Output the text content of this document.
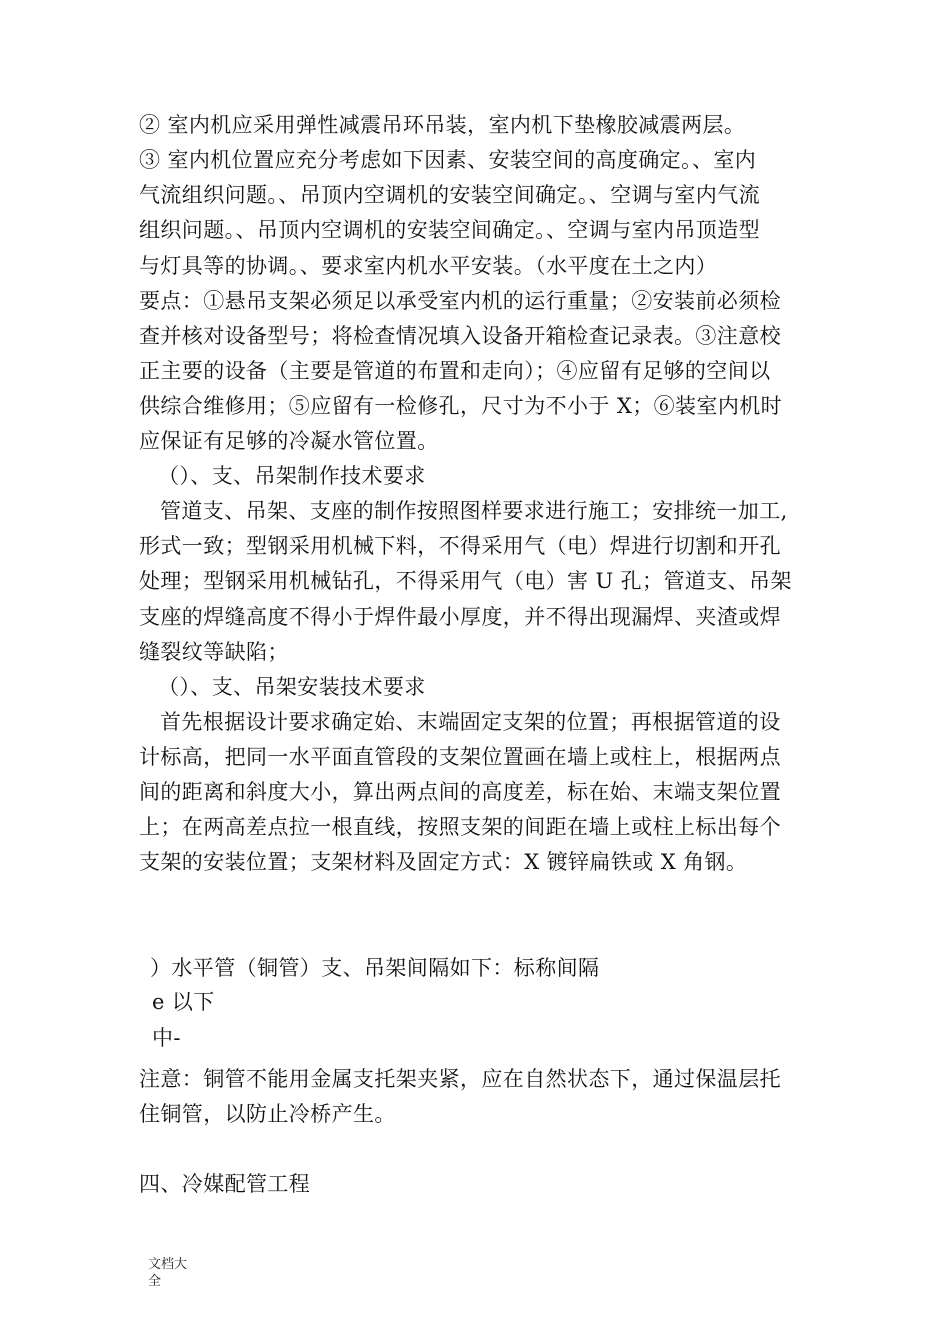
② 室内机应采用弹性减震吊环吊装，室内机下垫橡胶减震两层。
③ 室内机位置应充分考虑如下因素、安装空间的高度确定。、室内
气流组织问题。、吊顶内空调机的安装空间确定。、空调与室内气流
组织问题。、吊顶内空调机的安装空间确定。、空调与室内吊顶造型
与灯具等的协调。、要求室内机水平安装。（水平度在土之内）
要点：①悬吊支架必须足以承受室内机的运行重量；②安装前必须检
查并核对设备型号；将检查情况填入设备开箱检查记录表。③注意校
正主要的设备（主要是管道的布置和走向）；④应留有足够的空间以
供综合维修用；⑤应留有一检修孔，尺寸为不小于 X；⑥装室内机时
应保证有足够的冷凝水管位置。
（）、支、吊架制作技术要求
管道支、吊架、支座的制作按照图样要求进行施工；安排统一加工,
形式一致；型钢采用机械下料，不得采用气（电）焊进行切割和开孔
处理；型钢采用机械钻孔，不得采用气（电）害 U 孔；管道支、吊架
支座的焊缝高度不得小于焊件最小厚度，并不得出现漏焊、夹渣或焊
缝裂纹等缺陷；
（）、支、吊架安装技术要求
首先根据设计要求确定始、末端固定支架的位置；再根据管道的设
计标高，把同一水平面直管段的支架位置画在墙上或柱上，根据两点
间的距离和斜度大小，算出两点间的高度差，标在始、末端支架位置
上；在两高差点拉一根直线，按照支架的间距在墙上或柱上标出每个
支架的安装位置；支架材料及固定方式：X 镀锌扁铁或 X 角钢。
）水平管（铜管）支、吊架间隔如下：标称间隔
e 以下
中-
注意：铜管不能用金属支托架夹紧，应在自然状态下，通过保温层托
住铜管，以防止冷桥产生。
四、冷媒配管工程
文档大
全
